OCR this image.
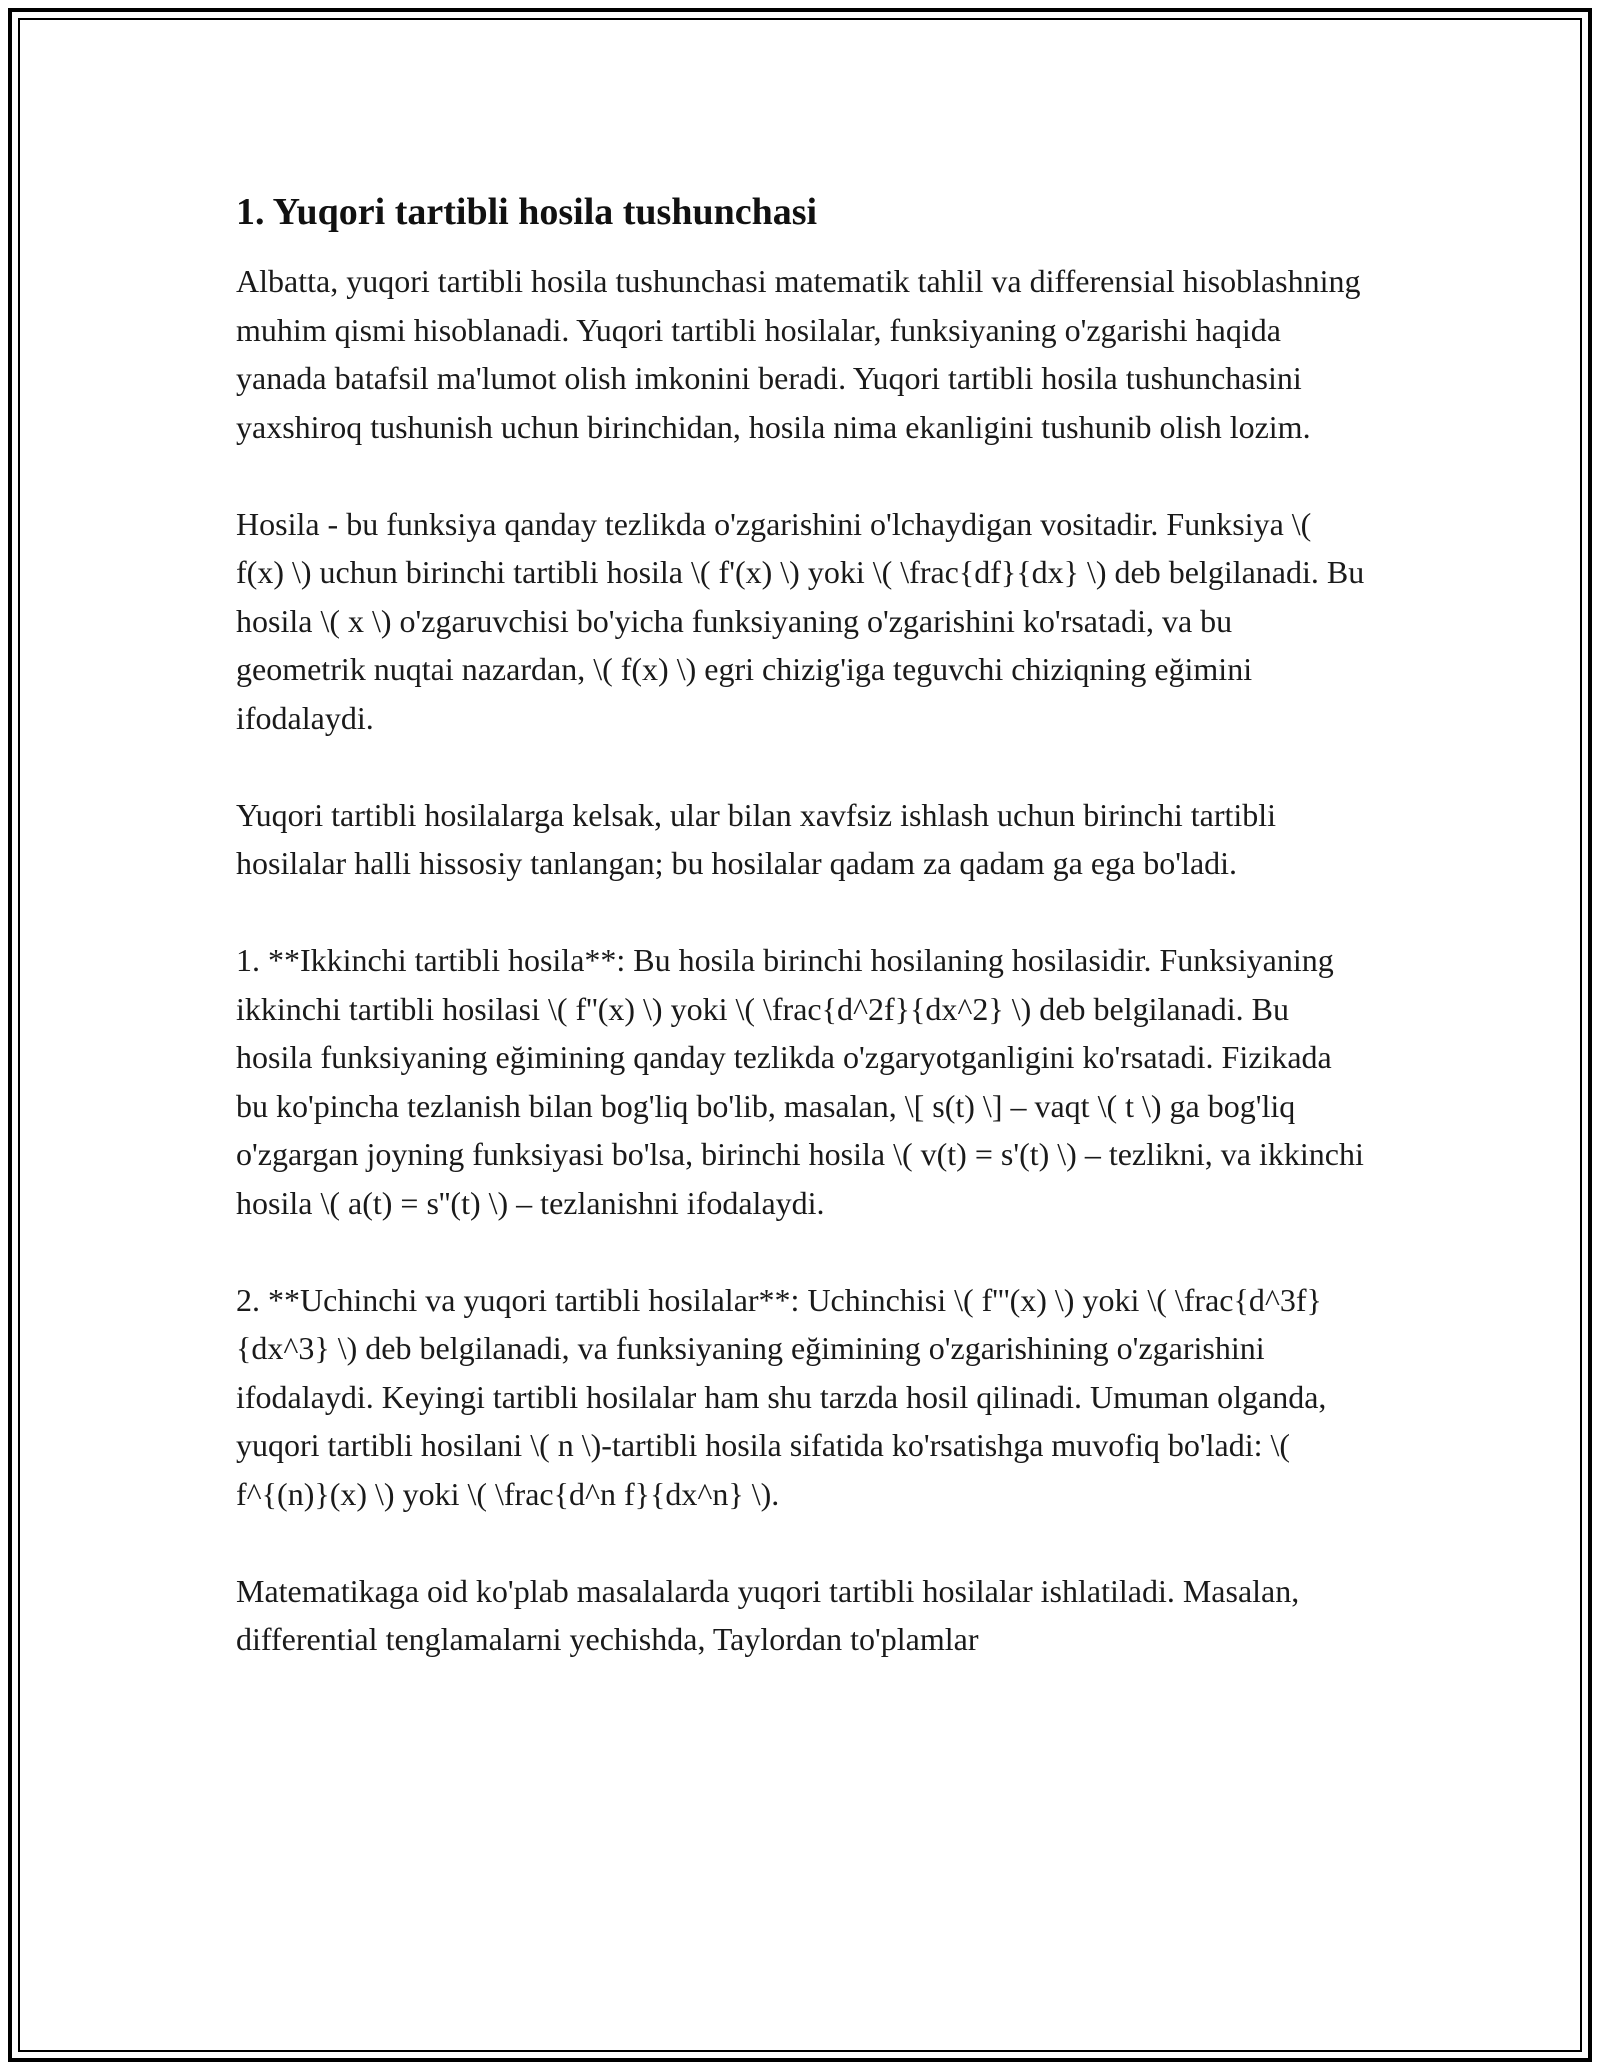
1. Yuqori tartibli hosila tushunchasi

Albatta, yuqori tartibli hosila tushunchasi matematik tahlil va differensial hisoblashning muhim qismi hisoblanadi. Yuqori tartibli hosilalar, funksiyaning o'zgarishi haqida yanada batafsil ma'lumot olish imkonini beradi. Yuqori tartibli hosila tushunchasini yaxshiroq tushunish uchun birinchidan, hosila nima ekanligini tushunib olish lozim.

Hosila - bu funksiya qanday tezlikda o'zgarishini o'lchaydigan vositadir. Funksiya \( f(x) \) uchun birinchi tartibli hosila \( f'(x) \) yoki \( \frac{df}{dx} \) deb belgilanadi. Bu hosila \( x \) o'zgaruvchisi bo'yicha funksiyaning o'zgarishini ko'rsatadi, va bu geometrik nuqtai nazardan, \( f(x) \) egri chizig'iga teguvchi chiziqning eğimini ifodalaydi.

Yuqori tartibli hosilalarga kelsak, ular bilan xavfsiz ishlash uchun birinchi tartibli hosilalar halli hissosiy tanlangan; bu hosilalar qadam za qadam ga ega bo'ladi.

1. **Ikkinchi tartibli hosila**: Bu hosila birinchi hosilaning hosilasidir. Funksiyaning ikkinchi tartibli hosilasi \( f''(x) \) yoki \( \frac{d^2f}{dx^2} \) deb belgilanadi. Bu hosila funksiyaning eğimining qanday tezlikda o'zgaryotganligini ko'rsatadi. Fizikada bu ko'pincha tezlanish bilan bog'liq bo'lib, masalan, \[ s(t) \] – vaqt \( t \) ga bog'liq o'zgargan joyning funksiyasi bo'lsa, birinchi hosila \( v(t) = s'(t) \) – tezlikni, va ikkinchi hosila \( a(t) = s''(t) \) – tezlanishni ifodalaydi.

2. **Uchinchi va yuqori tartibli hosilalar**: Uchinchisi \( f'''(x) \) yoki \( \frac{d^3f}{dx^3} \) deb belgilanadi, va funksiyaning eğimining o'zgarishining o'zgarishini ifodalaydi. Keyingi tartibli hosilalar ham shu tarzda hosil qilinadi. Umuman olganda, yuqori tartibli hosilani \( n \)-tartibli hosila sifatida ko'rsatishga muvofiq bo'ladi: \( f^{(n)}(x) \) yoki \( \frac{d^n f}{dx^n} \).

Matematikaga oid ko'plab masalalarda yuqori tartibli hosilalar ishlatiladi. Masalan, differential tenglamalarni yechishda, Taylordan to'plamlar
